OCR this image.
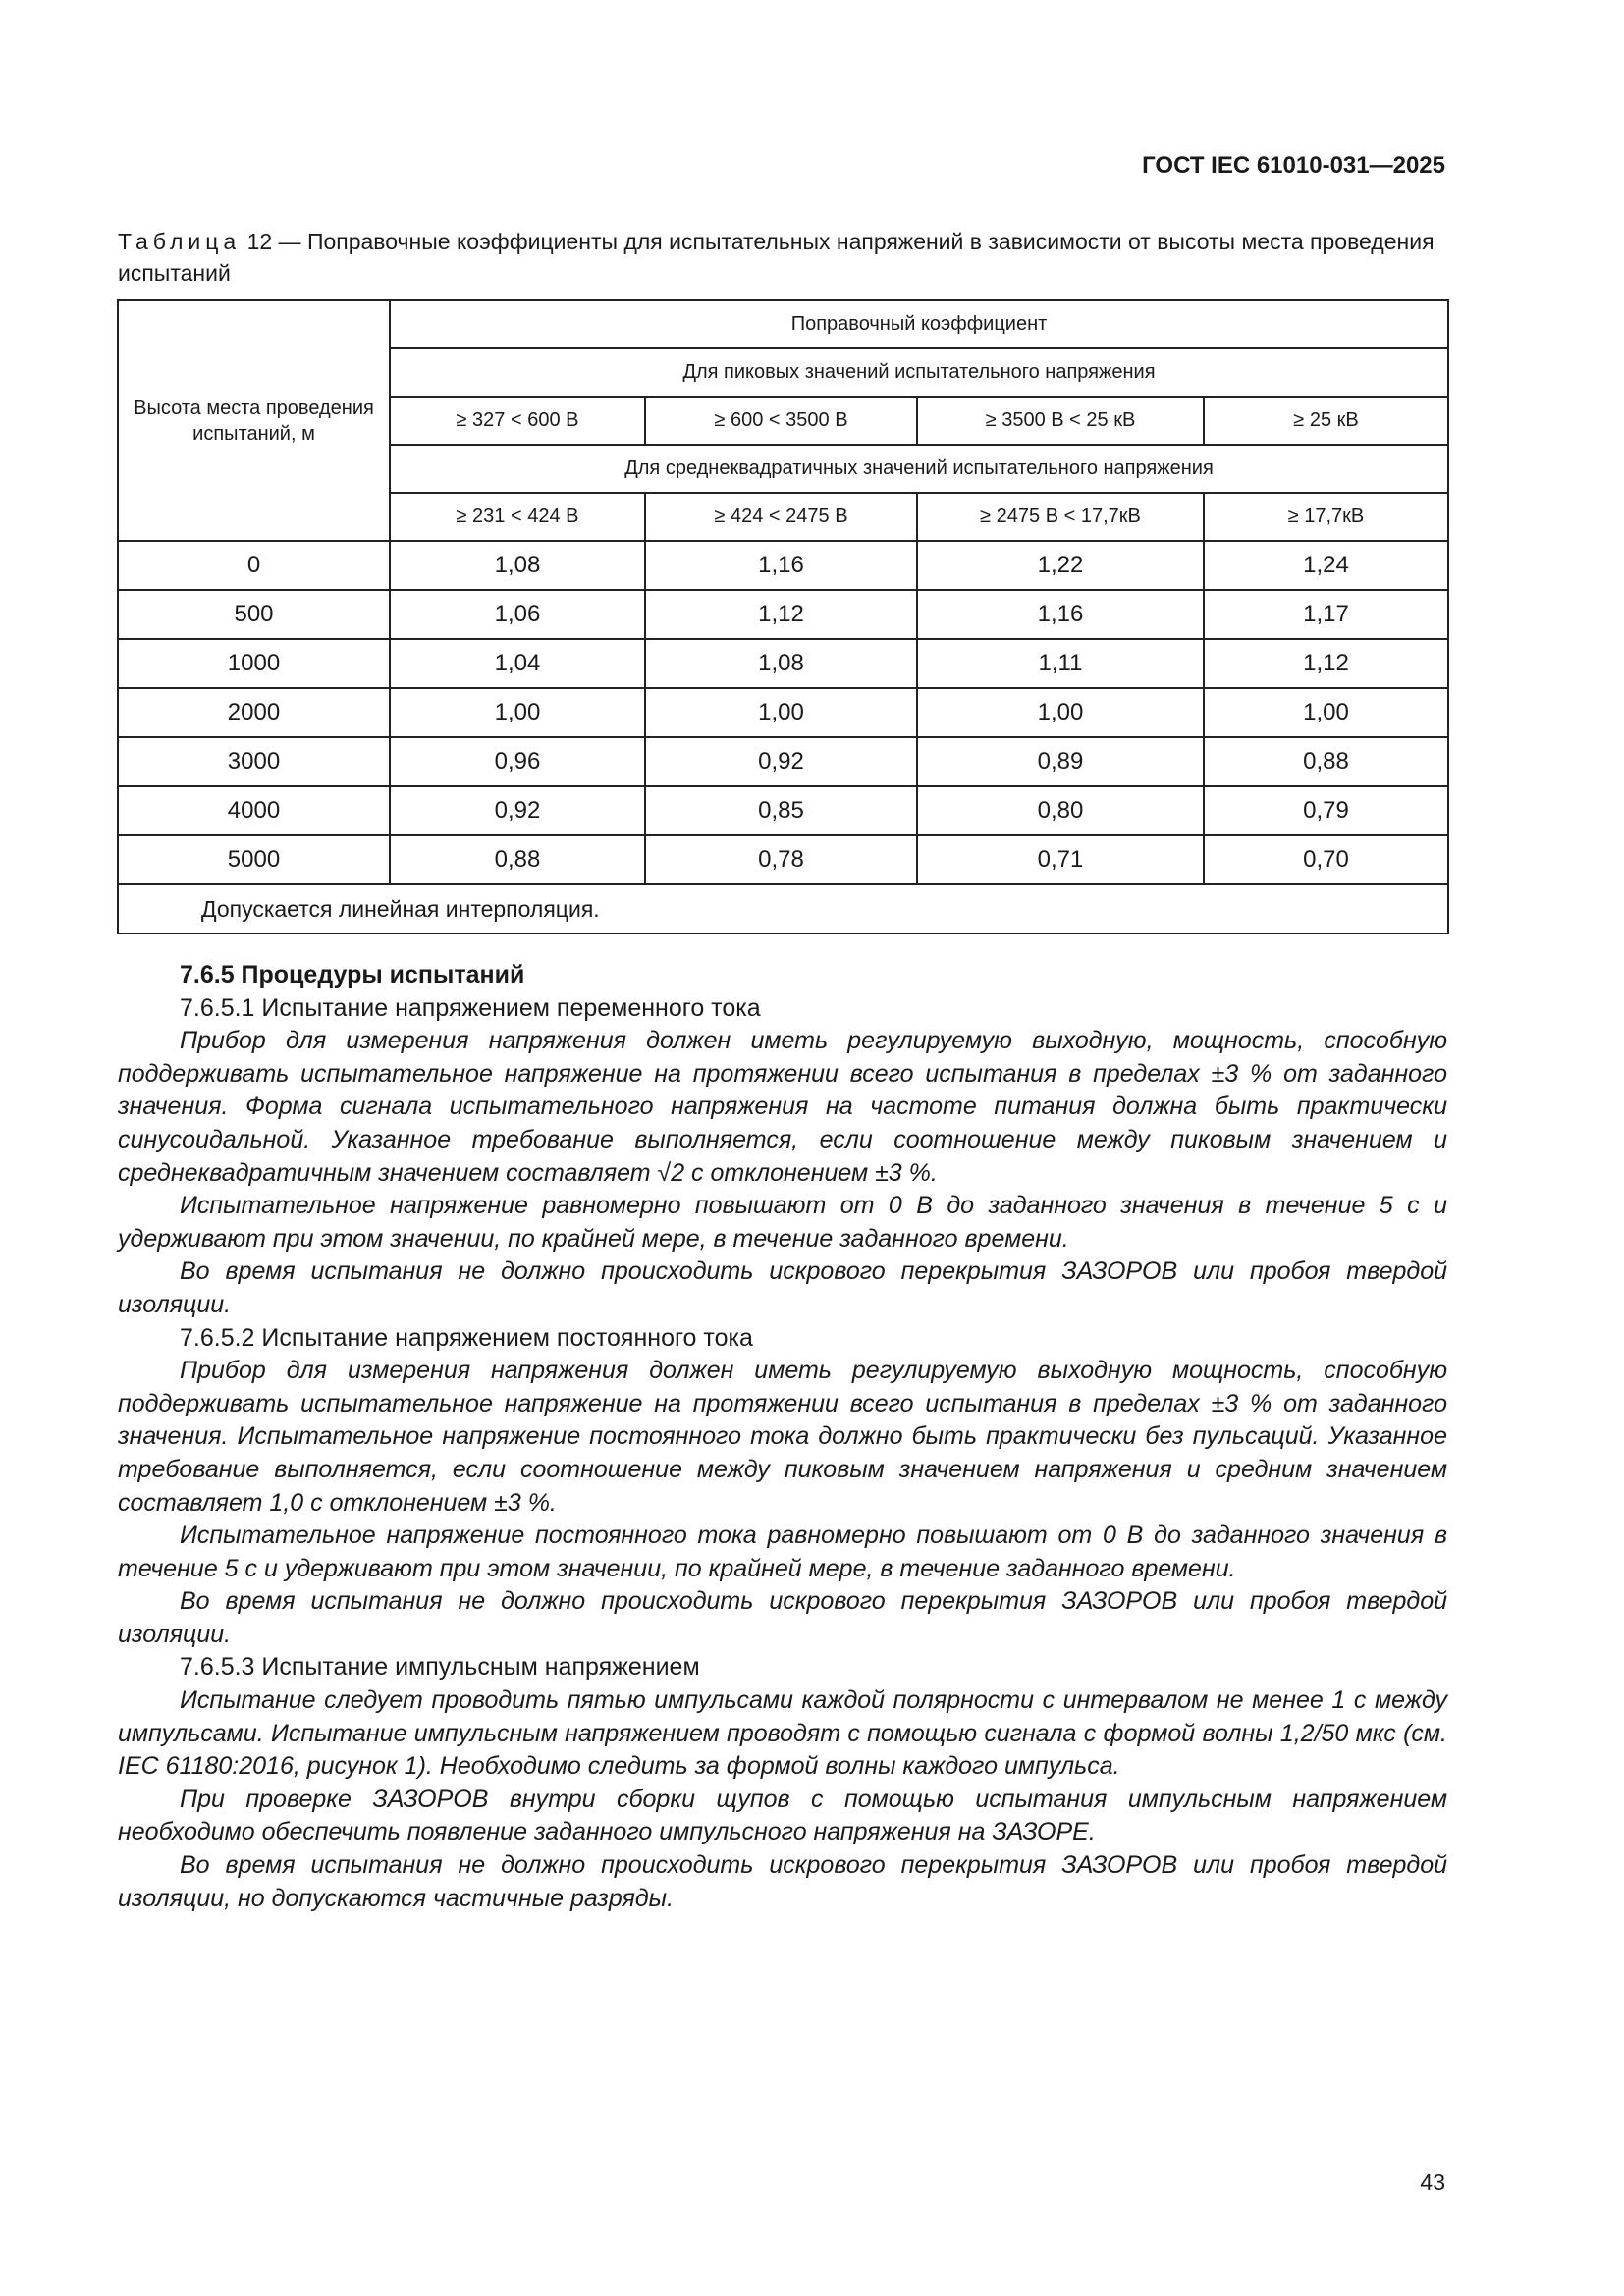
ГОСТ IEC 61010-031—2025
Таблица 12 — Поправочные коэффициенты для испытательных напряжений в зависимости от высоты места проведения испытаний
Высота места проведения испытаний, м	Поправочный коэффициент			
	Для пиковых значений испытательного напряжения			
	≥ 327 < 600 В	≥ 600 < 3500 В	≥ 3500 В < 25 кВ	≥ 25 кВ
	Для среднеквадратичных значений испытательного напряжения			
	≥ 231 < 424 В	≥ 424 < 2475 В	≥ 2475 В < 17,7кВ	≥ 17,7кВ
0	1,08	1,16	1,22	1,24
500	1,06	1,12	1,16	1,17
1000	1,04	1,08	1,11	1,12
2000	1,00	1,00	1,00	1,00
3000	0,96	0,92	0,89	0,88
4000	0,92	0,85	0,80	0,79
5000	0,88	0,78	0,71	0,70
Допускается линейная интерполяция.				

7.6.5 Процедуры испытаний

7.6.5.1 Испытание напряжением переменного тока

Прибор для измерения напряжения должен иметь регулируемую выходную, мощность, способную поддерживать испытательное напряжение на протяжении всего испытания в пределах ±3 % от заданного значения. Форма сигнала испытательного напряжения на частоте питания должна быть практически синусоидальной. Указанное требование выполняется, если соотношение между пиковым значением и среднеквадратичным значением составляет √2 с отклонением ±3 %.

Испытательное напряжение равномерно повышают от 0 В до заданного значения в течение 5 с и удерживают при этом значении, по крайней мере, в течение заданного времени.

Во время испытания не должно происходить искрового перекрытия ЗАЗОРОВ или пробоя твердой изоляции.

7.6.5.2 Испытание напряжением постоянного тока

Прибор для измерения напряжения должен иметь регулируемую выходную мощность, способную поддерживать испытательное напряжение на протяжении всего испытания в пределах ±3 % от заданного значения. Испытательное напряжение постоянного тока должно быть практически без пульсаций. Указанное требование выполняется, если соотношение между пиковым значением напряжения и средним значением составляет 1,0 с отклонением ±3 %.

Испытательное напряжение постоянного тока равномерно повышают от 0 В до заданного значения в течение 5 с и удерживают при этом значении, по крайней мере, в течение заданного времени.

Во время испытания не должно происходить искрового перекрытия ЗАЗОРОВ или пробоя твердой изоляции.

7.6.5.3 Испытание импульсным напряжением

Испытание следует проводить пятью импульсами каждой полярности с интервалом не менее 1 с между импульсами. Испытание импульсным напряжением проводят с помощью сигнала с формой волны 1,2/50 мкс (см. IEC 61180:2016, рисунок 1). Необходимо следить за формой волны каждого импульса.

При проверке ЗАЗОРОВ внутри сборки щупов с помощью испытания импульсным напряжением необходимо обеспечить появление заданного импульсного напряжения на ЗАЗОРЕ.

Во время испытания не должно происходить искрового перекрытия ЗАЗОРОВ или пробоя твердой изоляции, но допускаются частичные разряды.

43
